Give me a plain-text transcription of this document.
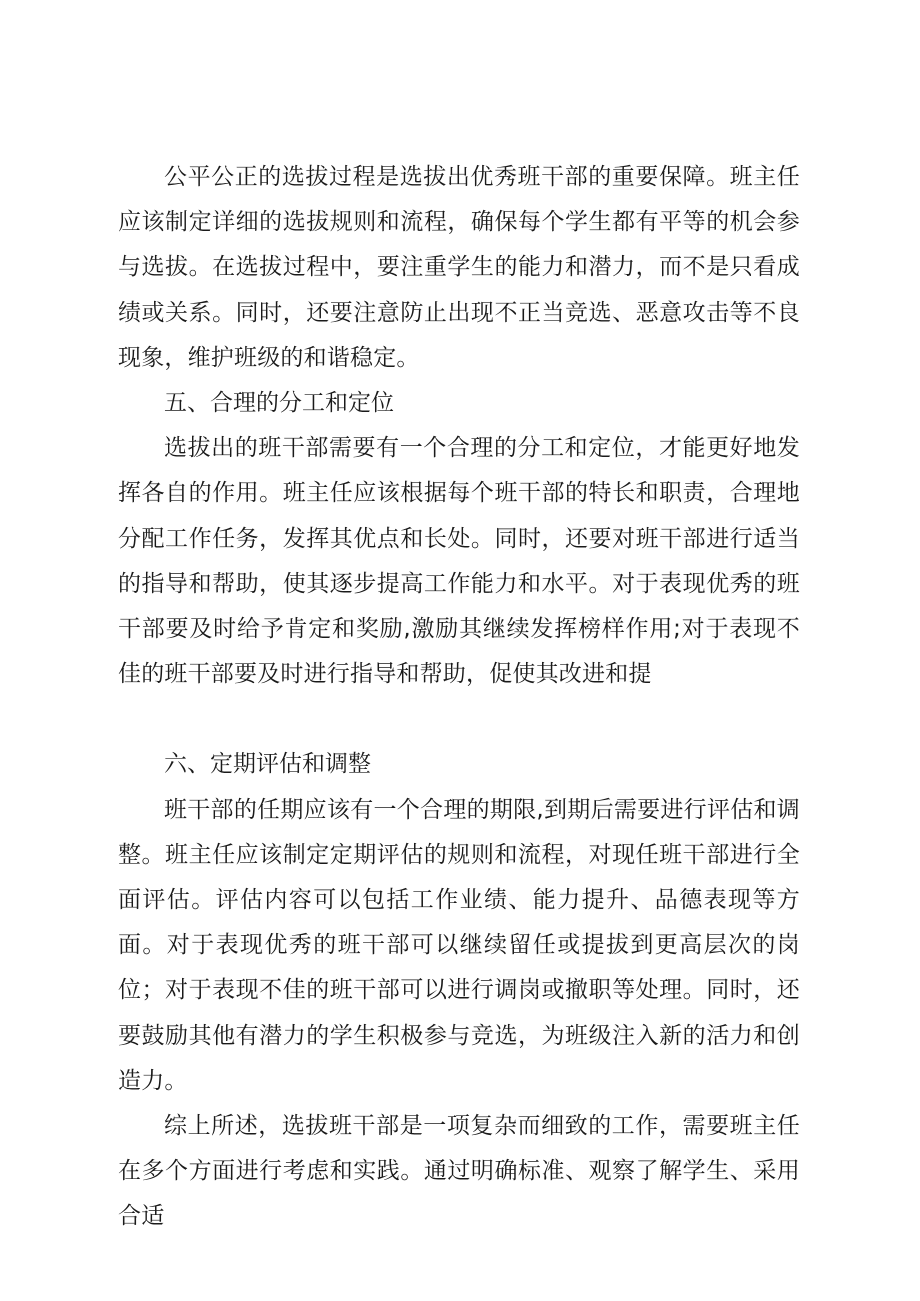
公平公正的选拔过程是选拔出优秀班干部的重要保障。班主任应该制定详细的选拔规则和流程，确保每个学生都有平等的机会参与选拔。在选拔过程中，要注重学生的能力和潜力，而不是只看成绩或关系。同时，还要注意防止出现不正当竞选、恶意攻击等不良现象，维护班级的和谐稳定。

五、合理的分工和定位

选拔出的班干部需要有一个合理的分工和定位，才能更好地发挥各自的作用。班主任应该根据每个班干部的特长和职责，合理地分配工作任务，发挥其优点和长处。同时，还要对班干部进行适当的指导和帮助，使其逐步提高工作能力和水平。对于表现优秀的班干部要及时给予肯定和奖励,激励其继续发挥榜样作用;对于表现不佳的班干部要及时进行指导和帮助，促使其改进和提

六、定期评估和调整

班干部的任期应该有一个合理的期限,到期后需要进行评估和调整。班主任应该制定定期评估的规则和流程，对现任班干部进行全面评估。评估内容可以包括工作业绩、能力提升、品德表现等方面。对于表现优秀的班干部可以继续留任或提拔到更高层次的岗位；对于表现不佳的班干部可以进行调岗或撤职等处理。同时，还要鼓励其他有潜力的学生积极参与竞选，为班级注入新的活力和创造力。

综上所述，选拔班干部是一项复杂而细致的工作，需要班主任在多个方面进行考虑和实践。通过明确标准、观察了解学生、采用合适
